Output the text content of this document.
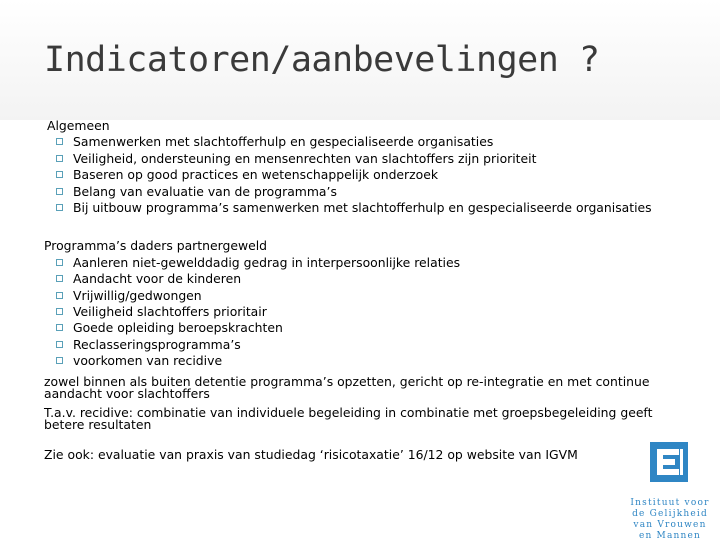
Indicatoren/aanbevelingen ?

Algemeen

Samenwerken met slachtofferhulp en gespecialiseerde organisaties
Veiligheid, ondersteuning en mensenrechten van slachtoffers zijn prioriteit
Baseren op good practices en wetenschappelijk onderzoek
Belang van evaluatie van de programma’s
Bij uitbouw programma’s samenwerken met slachtofferhulp en gespecialiseerde organisaties

Programma’s daders partnergeweld

Aanleren niet-gewelddadig gedrag in interpersoonlijke relaties
Aandacht voor de kinderen
Vrijwillig/gedwongen
Veiligheid slachtoffers prioritair
Goede opleiding beroepskrachten
Reclasseringsprogramma’s
voorkomen van recidive

zowel binnen als buiten detentie programma’s opzetten, gericht op re-integratie en met continue aandacht voor slachtoffers

T.a.v. recidive: combinatie van individuele begeleiding in combinatie met groepsbegeleiding geeft betere resultaten

Zie ook: evaluatie van praxis van studiedag ‘risicotaxatie’ 16/12 op website van IGVM

Instituut voor
de Gelijkheid
van Vrouwen
en Mannen
